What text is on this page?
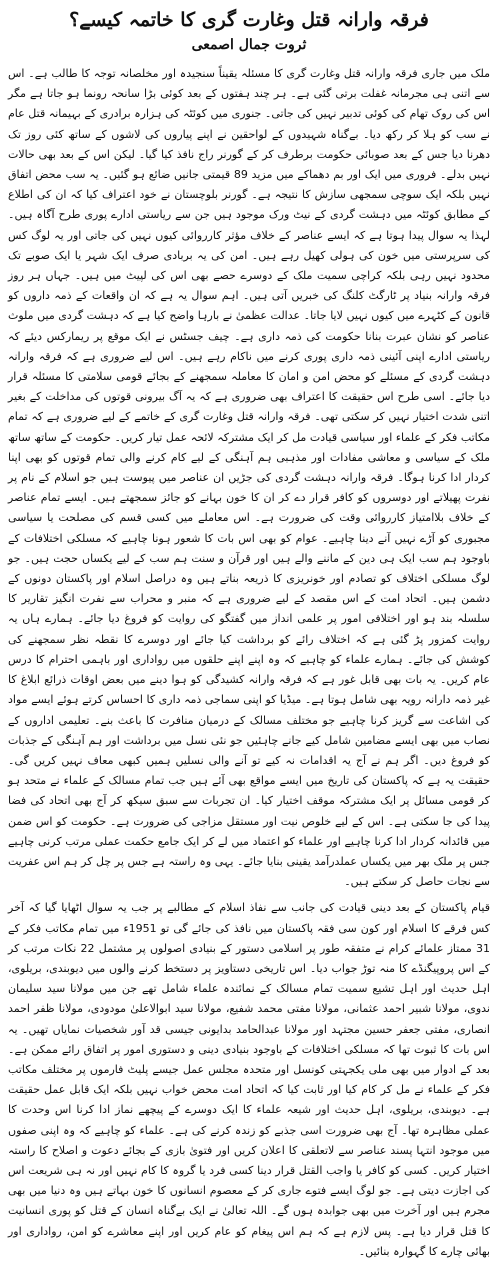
فرقہ وارانہ قتل وغارت گری کا خاتمہ کیسے؟
ثروت جمال اصمعی

ملک میں جاری فرقہ وارانہ قتل وغارت گری کا مسئلہ یقیناً سنجیدہ اور مخلصانہ توجہ کا طالب ہے۔ اس سے اتنی ہی مجرمانہ غفلت برتی گئی ہے۔ ہر چند ہفتوں کے بعد کوئی بڑا سانحہ رونما ہو جاتا ہے مگر اس کی روک تھام کی کوئی تدبیر نہیں کی جاتی۔ جنوری میں کوئٹہ کی ہزارہ برادری کے بہیمانہ قتل عام نے سب کو ہلا کر رکھ دیا۔ بےگناہ شہیدوں کے لواحقین نے اپنے پیاروں کی لاشوں کے ساتھ کئی روز تک دھرنا دیا جس کے بعد صوبائی حکومت برطرف کر کے گورنر راج نافذ کیا گیا۔ لیکن اس کے بعد بھی حالات نہیں بدلے۔ فروری میں ایک اور بم دھماکے میں مزید 89 قیمتی جانیں ضائع ہو گئیں۔ یہ سب محض اتفاق نہیں بلکہ ایک سوچی سمجھی سازش کا نتیجہ ہے۔ گورنر بلوچستان نے خود اعتراف کیا کہ ان کی اطلاع کے مطابق کوئٹہ میں دہشت گردی کے نیٹ ورک موجود ہیں جن سے ریاستی ادارے پوری طرح آگاہ ہیں۔ لہذا یہ سوال پیدا ہوتا ہے کہ ایسے عناصر کے خلاف مؤثر کارروائی کیوں نہیں کی جاتی اور یہ لوگ کس کی سرپرستی میں خون کی ہولی کھیل رہے ہیں۔ امن کی یہ بربادی صرف ایک شہر یا ایک صوبے تک محدود نہیں رہی بلکہ کراچی سمیت ملک کے دوسرے حصے بھی اس کی لپیٹ میں ہیں۔ جہاں ہر روز فرقہ وارانہ بنیاد پر ٹارگٹ کلنگ کی خبریں آتی ہیں۔ اہم سوال یہ ہے کہ ان واقعات کے ذمہ داروں کو قانون کے کٹہرے میں کیوں نہیں لایا جاتا۔ عدالت عظمیٰ نے بارہا واضح کیا ہے کہ دہشت گردی میں ملوث عناصر کو نشان عبرت بنانا حکومت کی ذمہ داری ہے۔ چیف جسٹس نے ایک موقع پر ریمارکس دیئے کہ ریاستی ادارے اپنی آئینی ذمہ داری پوری کرنے میں ناکام رہے ہیں۔ اس لیے ضروری ہے کہ فرقہ وارانہ دہشت گردی کے مسئلے کو محض امن و امان کا معاملہ سمجھنے کے بجائے قومی سلامتی کا مسئلہ قرار دیا جائے۔ اسی طرح اس حقیقت کا اعتراف بھی ضروری ہے کہ یہ آگ بیرونی قوتوں کی مداخلت کے بغیر اتنی شدت اختیار نہیں کر سکتی تھی۔ فرقہ وارانہ قتل وغارت گری کے خاتمے کے لیے ضروری ہے کہ تمام مکاتب فکر کے علماء اور سیاسی قیادت مل کر ایک مشترکہ لائحہ عمل تیار کریں۔ حکومت کے ساتھ ساتھ ملک کے سیاسی و معاشی مفادات اور مذہبی ہم آہنگی کے لیے کام کرنے والی تمام قوتوں کو بھی اپنا کردار ادا کرنا ہوگا۔ فرقہ وارانہ دہشت گردی کی جڑیں ان عناصر میں پیوست ہیں جو اسلام کے نام پر نفرت پھیلاتے اور دوسروں کو کافر قرار دے کر ان کا خون بہانے کو جائز سمجھتے ہیں۔ ایسے تمام عناصر کے خلاف بلاامتیاز کارروائی وقت کی ضرورت ہے۔ اس معاملے میں کسی قسم کی مصلحت یا سیاسی مجبوری کو آڑے نہیں آنے دینا چاہیے۔ عوام کو بھی اس بات کا شعور ہونا چاہیے کہ مسلکی اختلافات کے باوجود ہم سب ایک ہی دین کے ماننے والے ہیں اور قرآن و سنت ہم سب کے لیے یکساں حجت ہیں۔ جو لوگ مسلکی اختلاف کو تصادم اور خونریزی کا ذریعہ بناتے ہیں وہ دراصل اسلام اور پاکستان دونوں کے دشمن ہیں۔ اتحاد امت کے اس مقصد کے لیے ضروری ہے کہ منبر و محراب سے نفرت انگیز تقاریر کا سلسلہ بند ہو اور اختلافی امور پر علمی انداز میں گفتگو کی روایت کو فروغ دیا جائے۔ ہمارے ہاں یہ روایت کمزور پڑ گئی ہے کہ اختلاف رائے کو برداشت کیا جائے اور دوسرے کا نقطہ نظر سمجھنے کی کوشش کی جائے۔ ہمارے علماء کو چاہیے کہ وہ اپنے اپنے حلقوں میں رواداری اور باہمی احترام کا درس عام کریں۔ یہ بات بھی قابل غور ہے کہ فرقہ وارانہ کشیدگی کو ہوا دینے میں بعض اوقات ذرائع ابلاغ کا غیر ذمہ دارانہ رویہ بھی شامل ہوتا ہے۔ میڈیا کو اپنی سماجی ذمہ داری کا احساس کرتے ہوئے ایسے مواد کی اشاعت سے گریز کرنا چاہیے جو مختلف مسالک کے درمیان منافرت کا باعث بنے۔ تعلیمی اداروں کے نصاب میں بھی ایسے مضامین شامل کیے جانے چاہئیں جو نئی نسل میں برداشت اور ہم آہنگی کے جذبات کو فروغ دیں۔ اگر ہم نے آج یہ اقدامات نہ کیے تو آنے والی نسلیں ہمیں کبھی معاف نہیں کریں گی۔ حقیقت یہ ہے کہ پاکستان کی تاریخ میں ایسے مواقع بھی آئے ہیں جب تمام مسالک کے علماء نے متحد ہو کر قومی مسائل پر ایک مشترکہ موقف اختیار کیا۔ ان تجربات سے سبق سیکھ کر آج بھی اتحاد کی فضا پیدا کی جا سکتی ہے۔ اس کے لیے خلوص نیت اور مستقل مزاجی کی ضرورت ہے۔ حکومت کو اس ضمن میں قائدانہ کردار ادا کرنا چاہیے اور علماء کو اعتماد میں لے کر ایک جامع حکمت عملی مرتب کرنی چاہیے جس پر ملک بھر میں یکساں عملدرآمد یقینی بنایا جائے۔ یہی وہ راستہ ہے جس پر چل کر ہم اس عفریت سے نجات حاصل کر سکتے ہیں۔

قیام پاکستان کے بعد دینی قیادت کی جانب سے نفاذ اسلام کے مطالبے پر جب یہ سوال اٹھایا گیا کہ آخر کس فرقے کا اسلام اور کون سی فقہ پاکستان میں نافذ کی جائے گی تو 1951ء میں تمام مکاتب فکر کے 31 ممتاز علمائے کرام نے متفقہ طور پر اسلامی دستور کے بنیادی اصولوں پر مشتمل 22 نکات مرتب کر کے اس پروپیگنڈے کا منہ توڑ جواب دیا۔ اس تاریخی دستاویز پر دستخط کرنے والوں میں دیوبندی، بریلوی، اہل حدیث اور اہل تشیع سمیت تمام مسالک کے نمائندہ علماء شامل تھے جن میں مولانا سید سلیمان ندوی، مولانا شبیر احمد عثمانی، مولانا مفتی محمد شفیع، مولانا سید ابوالاعلیٰ مودودی، مولانا ظفر احمد انصاری، مفتی جعفر حسین مجتہد اور مولانا عبدالحامد بدایونی جیسی قد آور شخصیات نمایاں تھیں۔ یہ اس بات کا ثبوت تھا کہ مسلکی اختلافات کے باوجود بنیادی دینی و دستوری امور پر اتفاق رائے ممکن ہے۔ بعد کے ادوار میں بھی ملی یکجہتی کونسل اور متحدہ مجلس عمل جیسے پلیٹ فارموں پر مختلف مکاتب فکر کے علماء نے مل کر کام کیا اور ثابت کیا کہ اتحاد امت محض خواب نہیں بلکہ ایک قابل عمل حقیقت ہے۔ دیوبندی، بریلوی، اہل حدیث اور شیعہ علماء کا ایک دوسرے کے پیچھے نماز ادا کرنا اس وحدت کا عملی مظاہرہ تھا۔ آج بھی ضرورت اسی جذبے کو زندہ کرنے کی ہے۔ علماء کو چاہیے کہ وہ اپنی صفوں میں موجود انتہا پسند عناصر سے لاتعلقی کا اعلان کریں اور فتویٰ بازی کے بجائے دعوت و اصلاح کا راستہ اختیار کریں۔ کسی کو کافر یا واجب القتل قرار دینا کسی فرد یا گروہ کا کام نہیں اور نہ ہی شریعت اس کی اجازت دیتی ہے۔ جو لوگ ایسے فتوے جاری کر کے معصوم انسانوں کا خون بہاتے ہیں وہ دنیا میں بھی مجرم ہیں اور آخرت میں بھی جوابدہ ہوں گے۔ اللہ تعالیٰ نے ایک بےگناہ انسان کے قتل کو پوری انسانیت کا قتل قرار دیا ہے۔ پس لازم ہے کہ ہم اس پیغام کو عام کریں اور اپنے معاشرے کو امن، رواداری اور بھائی چارے کا گہوارہ بنائیں۔
